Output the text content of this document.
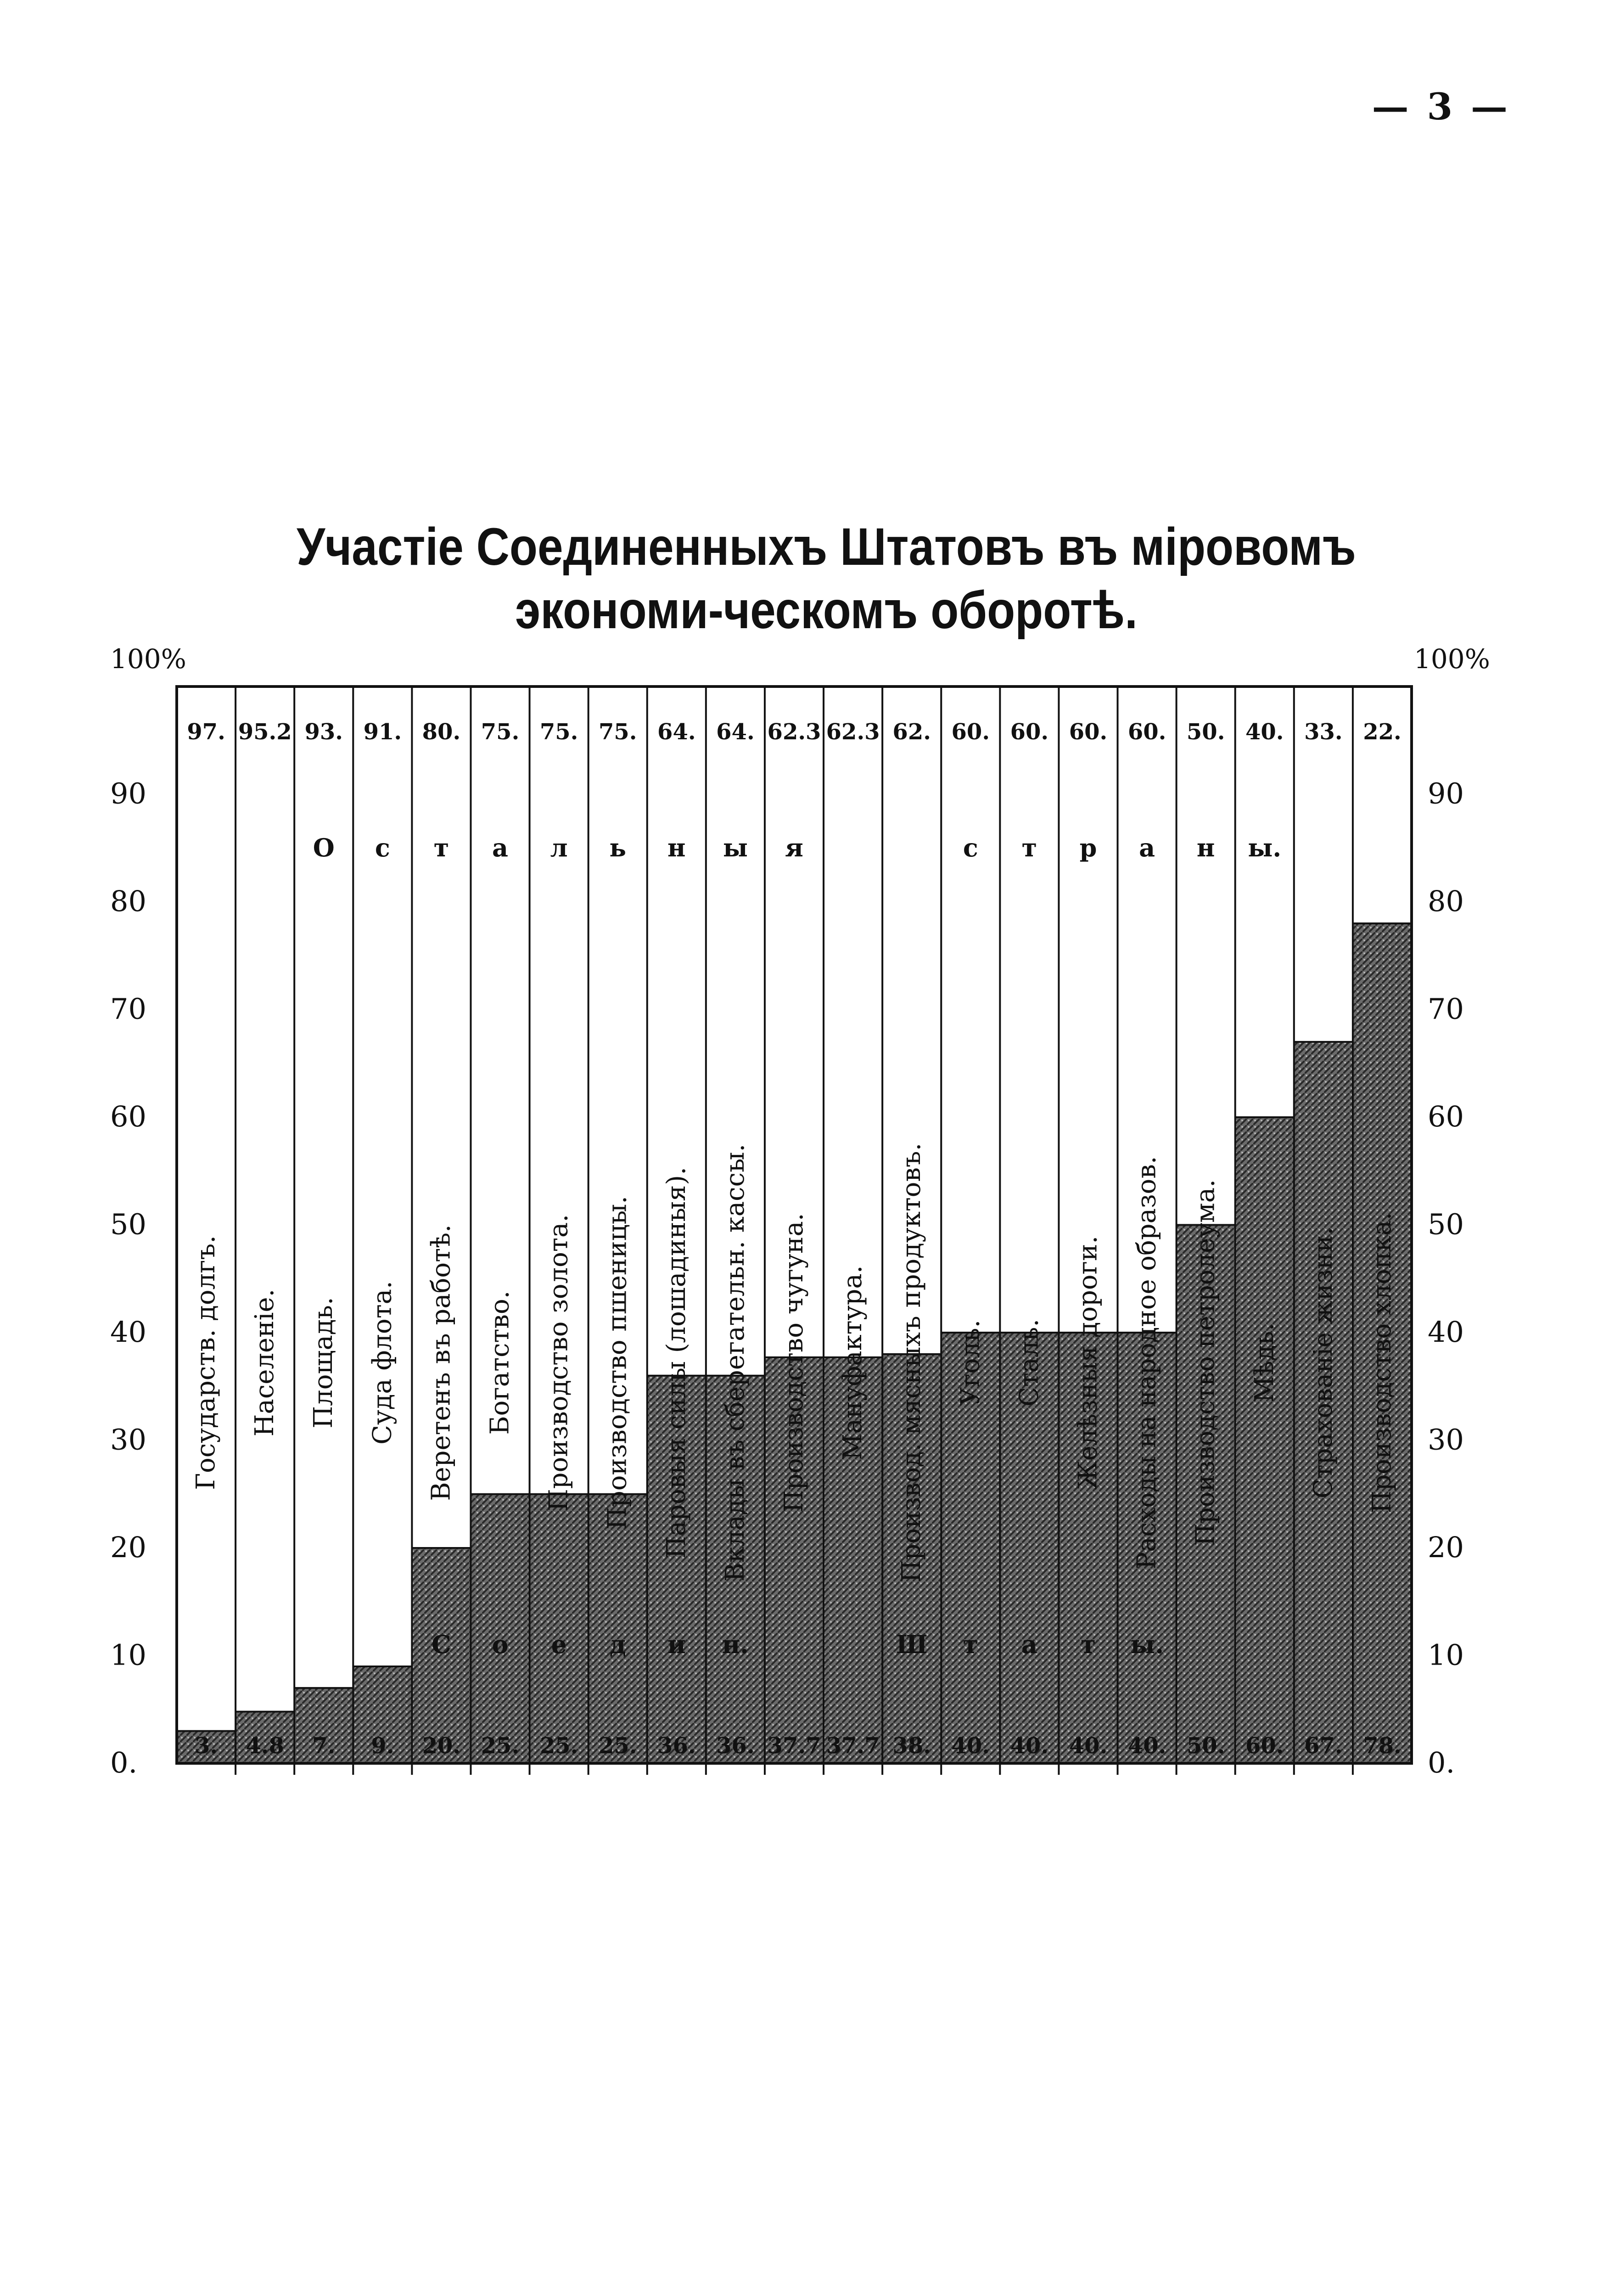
— 3 —
Участіе Соединенныхъ Штатовъ въ міровомъ экономи-ческомъ оборотѣ.
0.	0.
10	10
20	20
30	30
40	40
50	50
60	60
70	70
80	80
90	90
Государств. долгъ.
97.
3.
Населеніе.
95.2
4.8
Площадь.
93.
7.
О
Суда флота.
91.
9.
с
Веретенъ въ работѣ.
80.
20.
т
С
Богатство.
75.
25.
а
о
Производство золота.
75.
25.
л
е
Производство пшеницы.
75.
25.
ь
д
Паровыя силы (лошадиныя).
64.
36.
н
и
Вклады въ сберегательн. кассы.
64.
36.
ы
н.
Производство чугуна.
62.3
37.7
я
Мануфактура.
62.3
37.7
Производ. мясныхъ продуктовъ.
62.
38.
Ш
Уголь.
60.
40.
с
т
Сталь.
60.
40.
т
а
Желѣзныя дороги.
60.
40.
р
т
Расходы на народное образов.
60.
40.
а
ы.
Производство петролеума.
50.
50.
н
Мѣдь.
40.
60.
ы.
Страхованіе жизни.
33.
67.
Производство хлопка.
22.
78.
100%	100%
